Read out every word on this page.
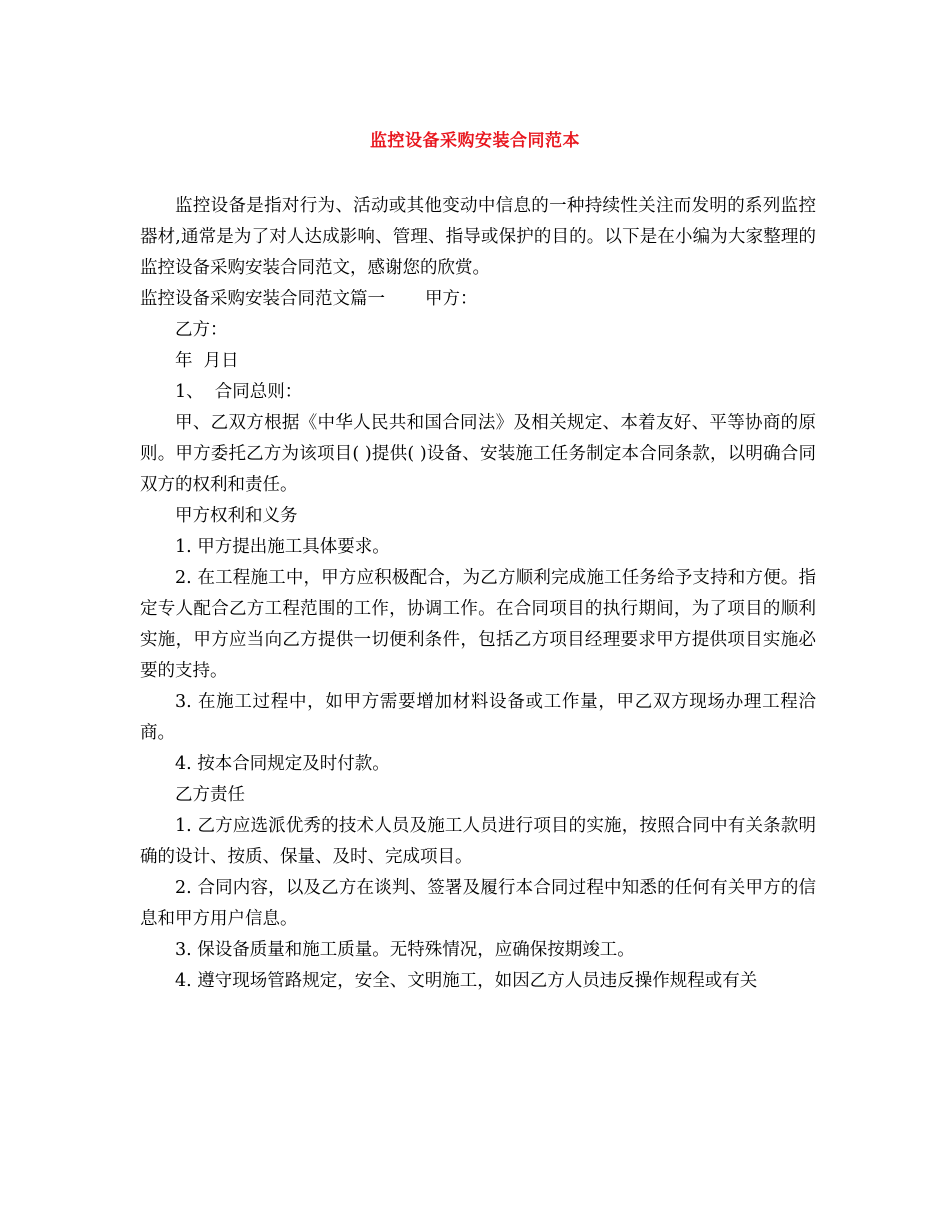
监控设备采购安装合同范本

监控设备是指对行为、活动或其他变动中信息的一种持续性关注而发明的系列监控器材,通常是为了对人达成影响、管理、指导或保护的目的。以下是在小编为大家整理的监控设备采购安装合同范文，感谢您的欣赏。

监控设备采购安装合同范文篇一 甲方：

乙方：

年  月日

1、  合同总则：

甲、乙双方根据《中华人民共和国合同法》及相关规定、本着友好、平等协商的原则。甲方委托乙方为该项目( )提供( )设备、安装施工任务制定本合同条款，以明确合同双方的权利和责任。

甲方权利和义务

1. 甲方提出施工具体要求。

2. 在工程施工中，甲方应积极配合，为乙方顺利完成施工任务给予支持和方便。指定专人配合乙方工程范围的工作，协调工作。在合同项目的执行期间，为了项目的顺利实施，甲方应当向乙方提供一切便利条件，包括乙方项目经理要求甲方提供项目实施必要的支持。

3. 在施工过程中，如甲方需要增加材料设备或工作量，甲乙双方现场办理工程洽商。

4. 按本合同规定及时付款。

乙方责任

1. 乙方应选派优秀的技术人员及施工人员进行项目的实施，按照合同中有关条款明确的设计、按质、保量、及时、完成项目。

2. 合同内容，以及乙方在谈判、签署及履行本合同过程中知悉的任何有关甲方的信息和甲方用户信息。

3. 保设备质量和施工质量。无特殊情况，应确保按期竣工。

4. 遵守现场管路规定，安全、文明施工，如因乙方人员违反操作规程或有关
